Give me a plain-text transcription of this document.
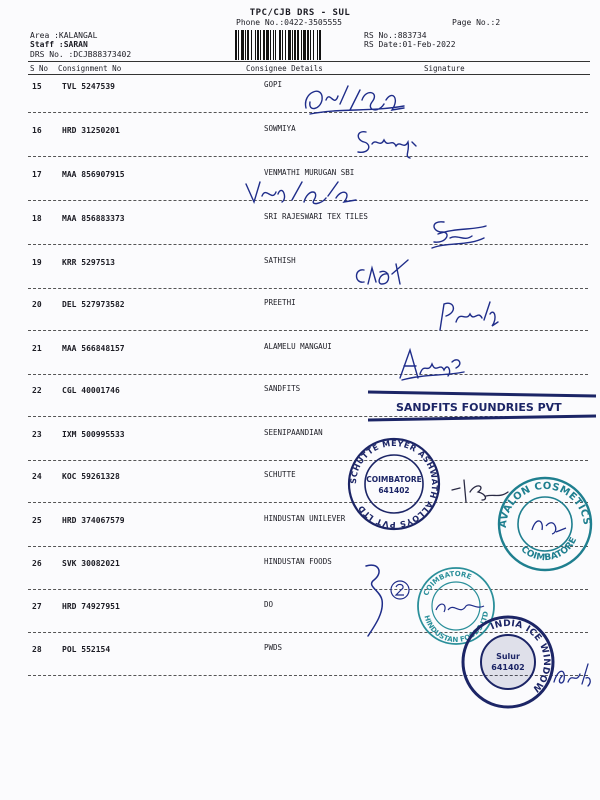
TPC/CJB DRS - SUL
Phone No.:0422-3505555	Page No.:2
Area :KALANGAL
Staff :SARAN
DRS No. :DCJB88373402
RS No.:883734
RS Date:01-Feb-2022
S No Consignment No	Consignee Details	Signature
15	TVL 5247539	GOPI
16	HRD 31250201	SOWMIYA
17	MAA 856907915	VENMATHI MURUGAN SBI
18	MAA 856883373	SRI RAJESWARI TEX TILES
19	KRR 5297513	SATHISH
20	DEL 527973582	PREETHI
21	MAA 566848157	ALAMELU MANGAUI
22	CGL 40001746	SANDFITS
23	IXM 500995533	SEENIPAANDIAN
24	KOC 59261328	SCHUTTE
25	HRD 374067579	HINDUSTAN UNILEVER
26	SVK 30082021	HINDUSTAN FOODS
27	HRD 74927951	DO
28	POL 552154	PWDS
SANDFITS FOUNDRIES PVT
SCHUTTE MEYER ASHWATH ALLOYS PVT LTD
COIMBATORE
641402
AVALON COSMETICS
COIMBATORE
COIMBATORE
HINDUSTAN FOODS LTD
INDIA ICE WINDOW
Sulur
641402
